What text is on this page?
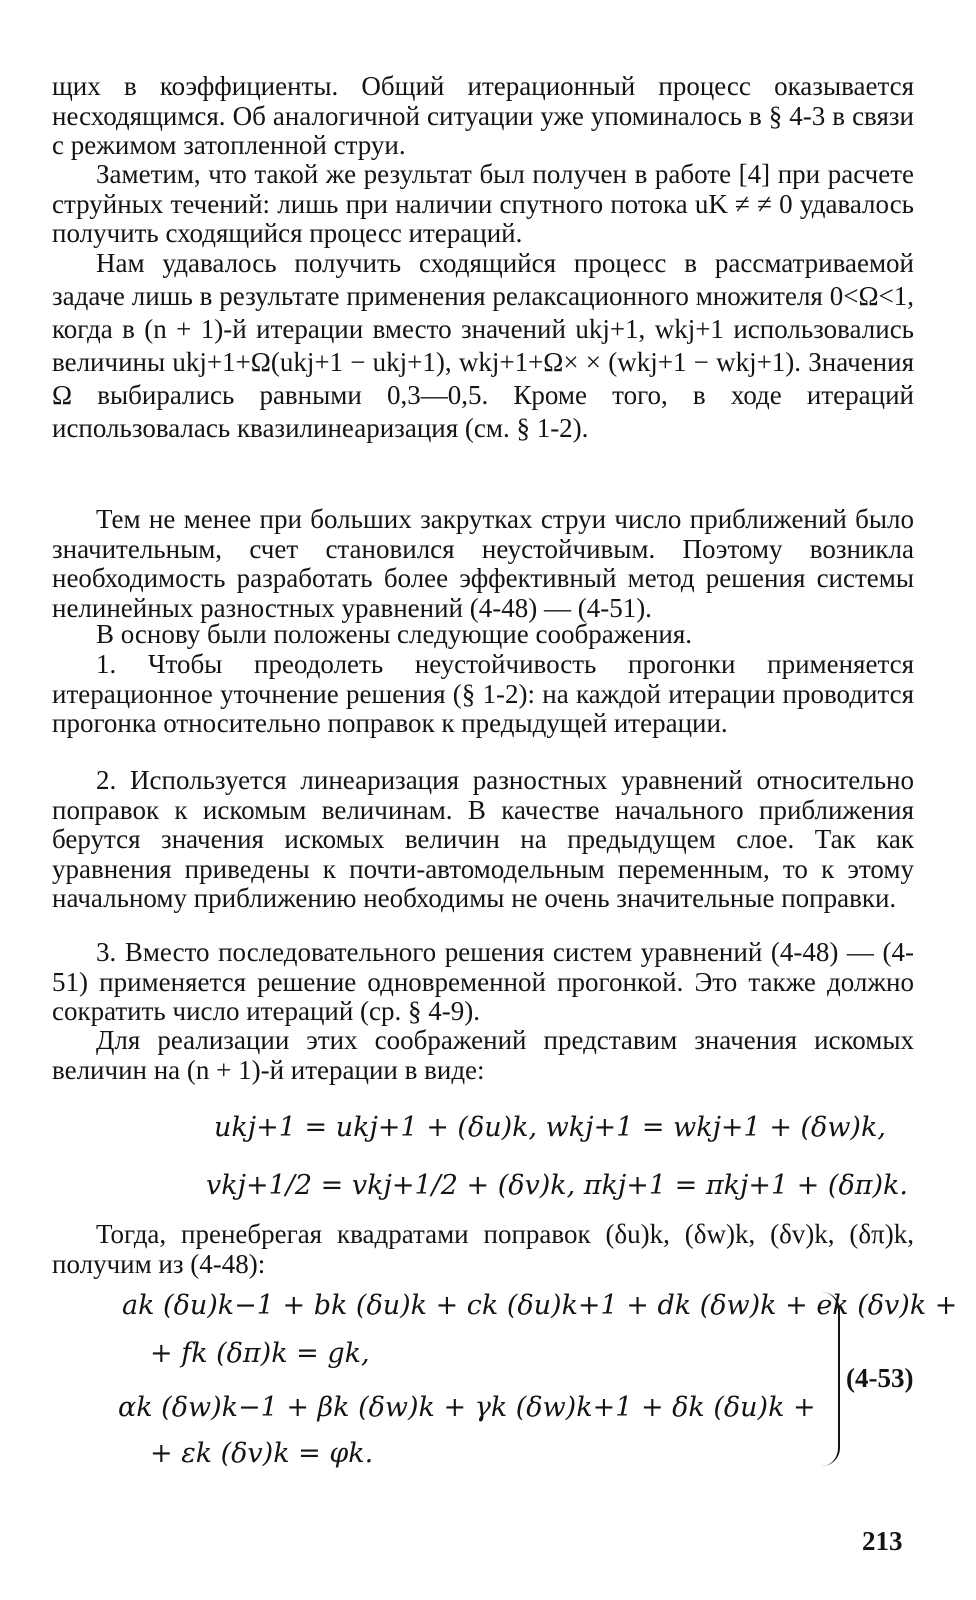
щих в коэффициенты. Общий итерационный процесс оказывается несходящимся. Об аналогичной ситуации уже упоминалось в § 4-3 в связи с режимом затопленной струи.

Заметим, что такой же результат был получен в работе [4] при расчете струйных течений: лишь при наличии спутного потока uK ≠ ≠ 0 удавалось получить сходящийся процесс итераций.

Нам удавалось получить сходящийся процесс в рассматриваемой задаче лишь в результате применения релаксационного множителя 0<Ω<1, когда в (n + 1)-й итерации вместо значений ukj+1, wkj+1 использовались величины ukj+1+Ω(ukj+1 − ukj+1), wkj+1+Ω× × (wkj+1 − wkj+1). Значения Ω выбирались равными 0,3—0,5. Кроме того, в ходе итераций использовалась квазилинеаризация (см. § 1-2).

Тем не менее при больших закрутках струи число приближений было значительным, счет становился неустойчивым. Поэтому возникла необходимость разработать более эффективный метод решения системы нелинейных разностных уравнений (4-48) — (4-51).

В основу были положены следующие соображения.

1. Чтобы преодолеть неустойчивость прогонки применяется итерационное уточнение решения (§ 1-2): на каждой итерации проводится прогонка относительно поправок к предыдущей итерации.

2. Используется линеаризация разностных уравнений относительно поправок к искомым величинам. В качестве начального приближения берутся значения искомых величин на предыдущем слое. Так как уравнения приведены к почти-автомодельным переменным, то к этому начальному приближению необходимы не очень значительные поправки.

3. Вместо последовательного решения систем уравнений (4-48) — (4-51) применяется решение одновременной прогонкой. Это также должно сократить число итераций (ср. § 4-9).

Для реализации этих соображений представим значения искомых величин на (n + 1)-й итерации в виде:

ukj+1 = ukj+1 + (δu)k, wkj+1 = wkj+1 + (δw)k,
vkj+1/2 = vkj+1/2 + (δv)k, πkj+1 = πkj+1 + (δπ)k.

Тогда, пренебрегая квадратами поправок (δu)k, (δw)k, (δv)k, (δπ)k, получим из (4-48):

ak (δu)k−1 + bk (δu)k + ck (δu)k+1 + dk (δw)k + ek (δv)k +
+ fk (δπ)k = gk,
αk (δw)k−1 + βk (δw)k + γk (δw)k+1 + δk (δu)k +
+ εk (δv)k = φk.
(4-53)
213
